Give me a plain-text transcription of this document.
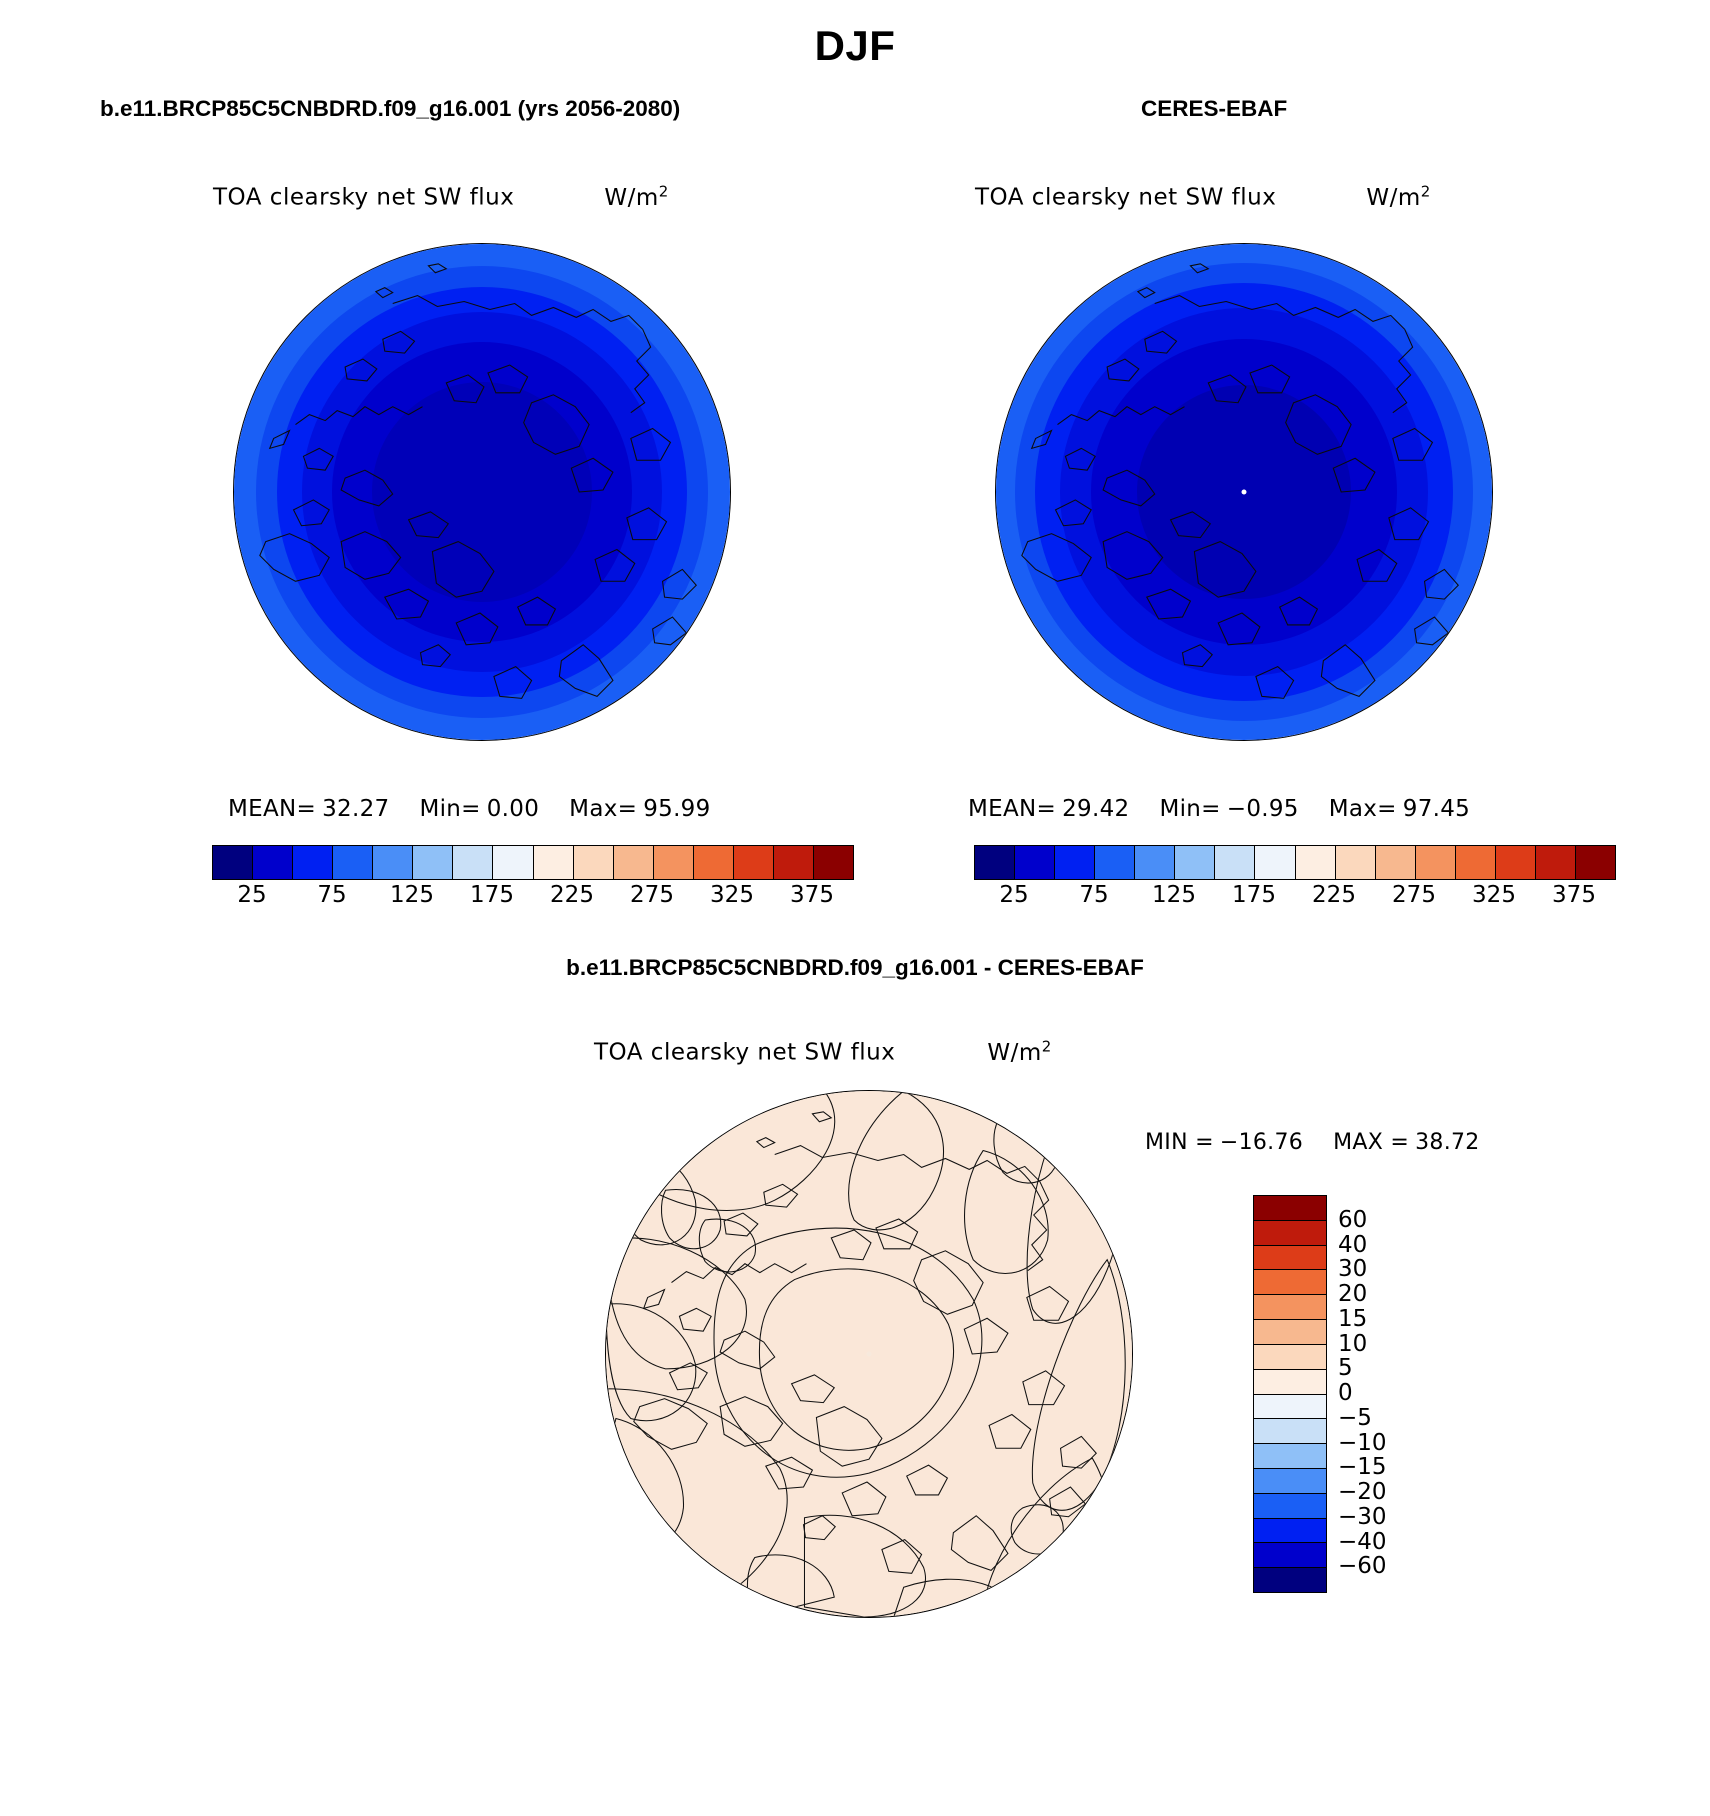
DJF
b.e11.BRCP85C5CNBDRD.f09_g16.001 (yrs 2056-2080)
TOA clearsky net SW flux	$W/m^2$
MEAN= 32.27 Min= 0.00 Max= 95.99
25 75 125 175 225 275 325 375
CERES-EBAF
TOA clearsky net SW flux	$W/m^2$
MEAN= 29.42 Min= −0.95 Max= 97.45
25 75 125 175 225 275 325 375
b.e11.BRCP85C5CNBDRD.f09_g16.001 - CERES-EBAF
TOA clearsky net SW flux	$W/m^2$
MIN = −16.76 MAX = 38.72
60
40
30
20
15
10
5
0
−5
−10
−15
−20
−30
−40
−60
